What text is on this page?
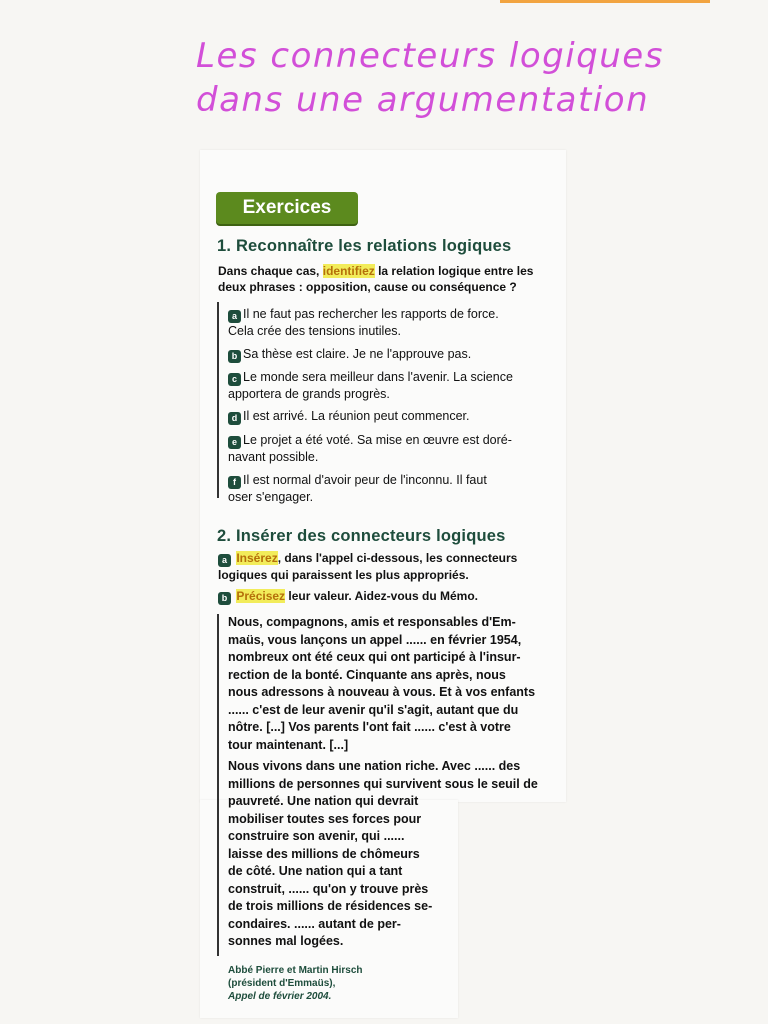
Les connecteurs logiques
dans une argumentation
Exercices
1. Reconnaître les relations logiques
Dans chaque cas, identifiez la relation logique entre les
deux phrases : opposition, cause ou conséquence ?
a Il ne faut pas rechercher les rapports de force.
Cela crée des tensions inutiles.
b Sa thèse est claire. Je ne l'approuve pas.
c Le monde sera meilleur dans l'avenir. La science
apportera de grands progrès.
d Il est arrivé. La réunion peut commencer.
e Le projet a été voté. Sa mise en œuvre est doré-
navant possible.
f Il est normal d'avoir peur de l'inconnu. Il faut
oser s'engager.
2. Insérer des connecteurs logiques
a Insérez, dans l'appel ci-dessous, les connecteurs
logiques qui paraissent les plus appropriés.
b Précisez leur valeur. Aidez-vous du Mémo.
Nous, compagnons, amis et responsables d'Em-
maüs, vous lançons un appel ...... en février 1954,
nombreux ont été ceux qui ont participé à l'insur-
rection de la bonté. Cinquante ans après, nous
nous adressons à nouveau à vous. Et à vos enfants
...... c'est de leur avenir qu'il s'agit, autant que du
nôtre. [...] Vos parents l'ont fait ...... c'est à votre
tour maintenant. [...]
Nous vivons dans une nation riche. Avec ...... des
millions de personnes qui survivent sous le seuil de
pauvreté. Une nation qui devrait
mobiliser toutes ses forces pour
construire son avenir, qui ......
laisse des millions de chômeurs
de côté. Une nation qui a tant
construit, ...... qu'on y trouve près
de trois millions de résidences se-
condaires. ...... autant de per-
sonnes mal logées.
Abbé Pierre et Martin Hirsch
(président d'Emmaüs),
Appel de février 2004.
